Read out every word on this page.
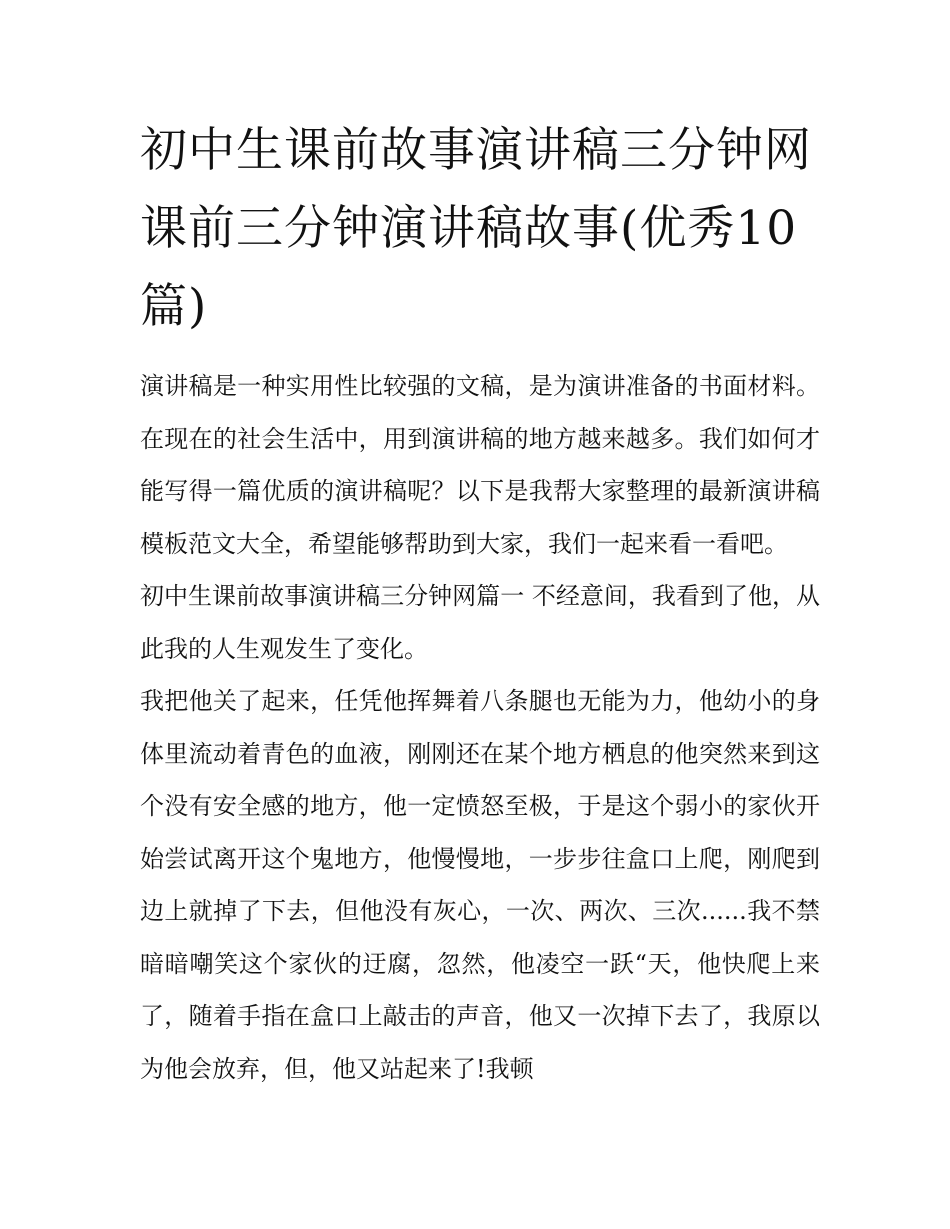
初中生课前故事演讲稿三分钟网 课前三分钟演讲稿故事(优秀10篇)

演讲稿是一种实用性比较强的文稿，是为演讲准备的书面材料。在现在的社会生活中，用到演讲稿的地方越来越多。我们如何才能写得一篇优质的演讲稿呢？以下是我帮大家整理的最新演讲稿模板范文大全，希望能够帮助到大家，我们一起来看一看吧。

初中生课前故事演讲稿三分钟网篇一 不经意间，我看到了他，从此我的人生观发生了变化。

我把他关了起来，任凭他挥舞着八条腿也无能为力，他幼小的身体里流动着青色的血液，刚刚还在某个地方栖息的他突然来到这个没有安全感的地方，他一定愤怒至极，于是这个弱小的家伙开始尝试离开这个鬼地方，他慢慢地，一步步往盒口上爬，刚爬到边上就掉了下去，但他没有灰心，一次、两次、三次......我不禁暗暗嘲笑这个家伙的迂腐，忽然，他凌空一跃“天，他快爬上来了，随着手指在盒口上敲击的声音，他又一次掉下去了，我原以为他会放弃，但，他又站起来了!我顿
